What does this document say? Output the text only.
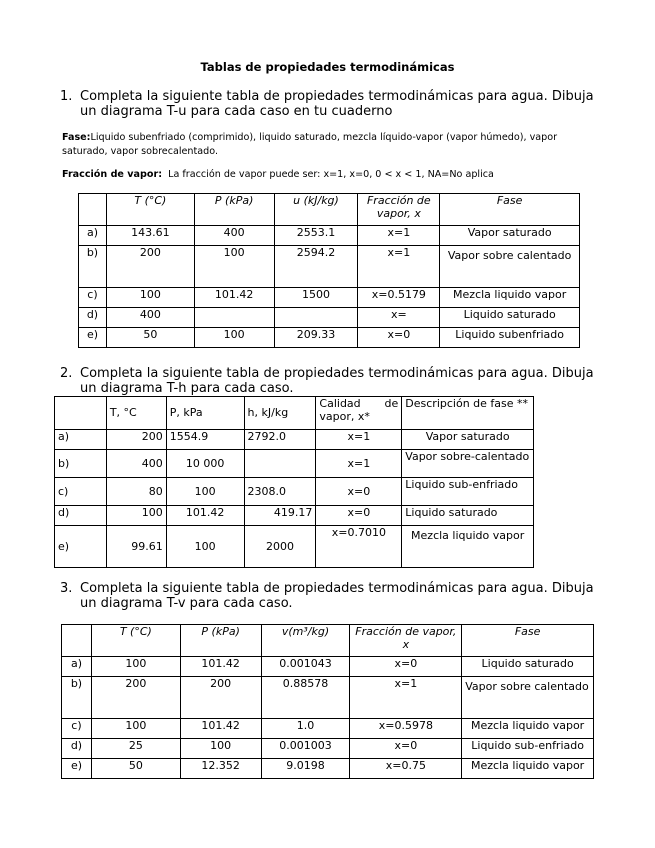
Tablas de propiedades termodinámicas
1. Completa la siguiente tabla de propiedades termodinámicas para agua. Dibuja un diagrama T-u para cada caso en tu cuaderno
Fase:Liquido subenfriado (comprimido), liquido saturado, mezcla líquido-vapor (vapor húmedo), vapor saturado, vapor sobrecalentado.
Fracción de vapor: La fracción de vapor puede ser: x=1, x=0, 0 < x < 1, NA=No aplica
	T (°C)	P (kPa)	u (kJ/kg)	Fracción de vapor, x	Fase
a)	143.61	400	2553.1	x=1	Vapor saturado
b)	200	100	2594.2	x=1	Vapor sobre calentado
c)	100	101.42	1500	x=0.5179	Mezcla liquido vapor
d)	400			x=	Liquido saturado
e)	50	100	209.33	x=0	Liquido subenfriado
2. Completa la siguiente tabla de propiedades termodinámicas para agua. Dibuja un diagrama T-h para cada caso.
	T, °C	P, kPa	h, kJ/kg	Calidad de vapor, x*	Descripción de fase **
a)	200	1554.9	2792.0	x=1	Vapor saturado
b)	400	10 000		x=1	Vapor sobre-calentado
c)	80	100	2308.0	x=0	Liquido sub-enfriado
d)	100	101.42	419.17	x=0	Liquido saturado
e)	99.61	100	2000	x=0.7010	Mezcla liquido vapor
3. Completa la siguiente tabla de propiedades termodinámicas para agua. Dibuja un diagrama T-v para cada caso.
	T (°C)	P (kPa)	v(m³/kg)	Fracción de vapor, x	Fase
a)	100	101.42	0.001043	x=0	Liquido saturado
b)	200	200	0.88578	x=1	Vapor sobre calentado
c)	100	101.42	1.0	x=0.5978	Mezcla liquido vapor
d)	25	100	0.001003	x=0	Liquido sub-enfriado
e)	50	12.352	9.0198	x=0.75	Mezcla liquido vapor
